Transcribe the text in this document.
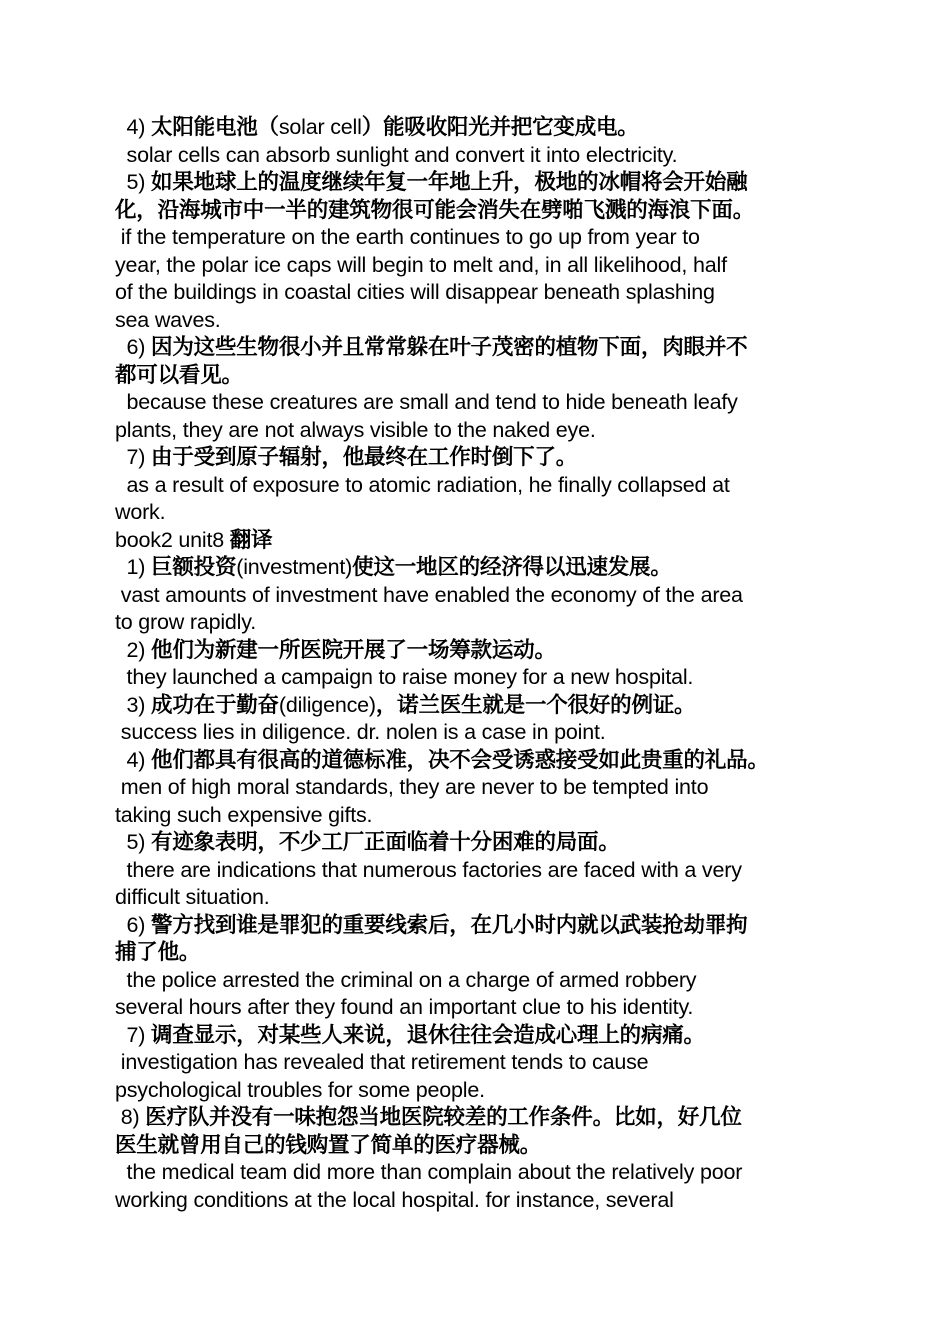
4) 太阳能电池（solar cell）能吸收阳光并把它变成电。
solar cells can absorb sunlight and convert it into electricity.
5) 如果地球上的温度继续年复一年地上升，极地的冰帽将会开始融
化，沿海城市中一半的建筑物很可能会消失在劈啪飞溅的海浪下面。
if the temperature on the earth continues to go up from year to
year, the polar ice caps will begin to melt and, in all likelihood, half
of the buildings in coastal cities will disappear beneath splashing
sea waves.
6) 因为这些生物很小并且常常躲在叶子茂密的植物下面，肉眼并不
都可以看见。
because these creatures are small and tend to hide beneath leafy
plants, they are not always visible to the naked eye.
7) 由于受到原子辐射，他最终在工作时倒下了。
as a result of exposure to atomic radiation, he finally collapsed at
work.
book2 unit8 翻译
1) 巨额投资(investment)使这一地区的经济得以迅速发展。
vast amounts of investment have enabled the economy of the area
to grow rapidly.
2) 他们为新建一所医院开展了一场筹款运动。
they launched a campaign to raise money for a new hospital.
3) 成功在于勤奋(diligence)，诺兰医生就是一个很好的例证。
success lies in diligence. dr. nolen is a case in point.
4) 他们都具有很高的道德标准，决不会受诱惑接受如此贵重的礼品。
men of high moral standards, they are never to be tempted into
taking such expensive gifts.
5) 有迹象表明，不少工厂正面临着十分困难的局面。
there are indications that numerous factories are faced with a very
difficult situation.
6) 警方找到谁是罪犯的重要线索后，在几小时内就以武装抢劫罪拘
捕了他。
the police arrested the criminal on a charge of armed robbery
several hours after they found an important clue to his identity.
7) 调查显示，对某些人来说，退休往往会造成心理上的病痛。
investigation has revealed that retirement tends to cause
psychological troubles for some people.
8) 医疗队并没有一味抱怨当地医院较差的工作条件。比如，好几位
医生就曾用自己的钱购置了简单的医疗器械。
the medical team did more than complain about the relatively poor
working conditions at the local hospital. for instance, several
